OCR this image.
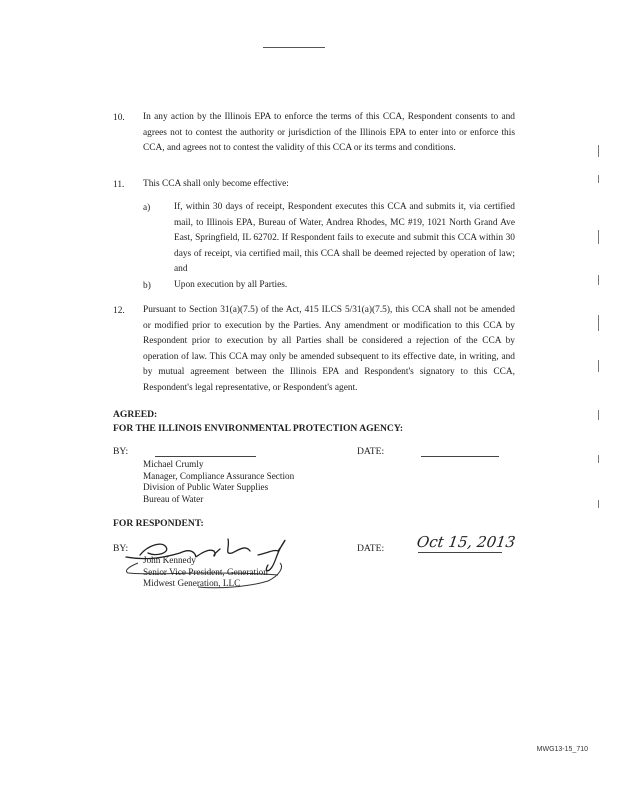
10. In any action by the Illinois EPA to enforce the terms of this CCA, Respondent consents to and agrees not to contest the authority or jurisdiction of the Illinois EPA to enter into or enforce this CCA, and agrees not to contest the validity of this CCA or its terms and conditions.
11. This CCA shall only become effective:
a)	If, within 30 days of receipt, Respondent executes this CCA and submits it, via certified mail, to Illinois EPA, Bureau of Water, Andrea Rhodes, MC #19, 1021 North Grand Ave East, Springfield, IL 62702. If Respondent fails to execute and submit this CCA within 30 days of receipt, via certified mail, this CCA shall be deemed rejected by operation of law; and
b) Upon execution by all Parties.
12. Pursuant to Section 31(a)(7.5) of the Act, 415 ILCS 5/31(a)(7.5), this CCA shall not be amended or modified prior to execution by the Parties. Any amendment or modification to this CCA by Respondent prior to execution by all Parties shall be considered a rejection of the CCA by operation of law. This CCA may only be amended subsequent to its effective date, in writing, and by mutual agreement between the Illinois EPA and Respondent's signatory to this CCA, Respondent's legal representative, or Respondent's agent.
AGREED:
FOR THE ILLINOIS ENVIRONMENTAL PROTECTION AGENCY:
BY:	DATE:
Michael Crumly
Manager, Compliance Assurance Section
Division of Public Water Supplies
Bureau of Water
FOR RESPONDENT:
BY:	DATE: Oct 15, 2013
John Kennedy
Senior Vice President, Generation
Midwest Generation, LLC
MWG13-15_710
